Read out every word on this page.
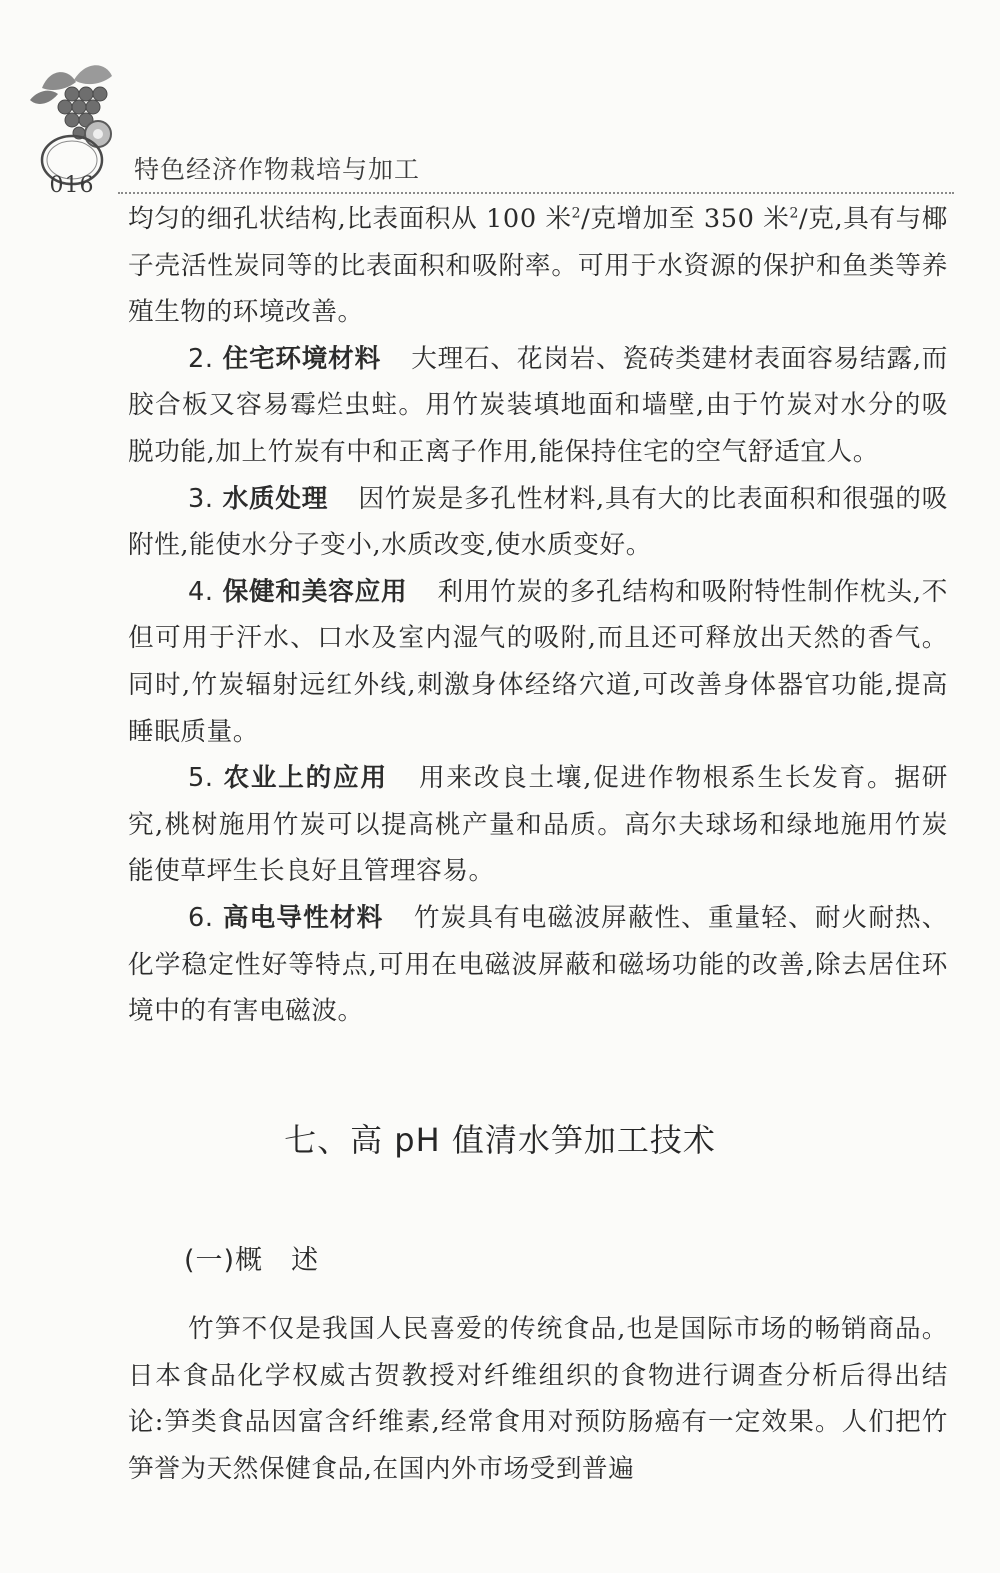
016
特色经济作物栽培与加工

均匀的细孔状结构,比表面积从 100 米$^2$/克增加至 350 米$^2$/克,具有与椰子壳活性炭同等的比表面积和吸附率。可用于水资源的保护和鱼类等养殖生物的环境改善。

2. 住宅环境材料 大理石、花岗岩、瓷砖类建材表面容易结露,而胶合板又容易霉烂虫蛀。用竹炭装填地面和墙壁,由于竹炭对水分的吸脱功能,加上竹炭有中和正离子作用,能保持住宅的空气舒适宜人。

3. 水质处理 因竹炭是多孔性材料,具有大的比表面积和很强的吸附性,能使水分子变小,水质改变,使水质变好。

4. 保健和美容应用 利用竹炭的多孔结构和吸附特性制作枕头,不但可用于汗水、口水及室内湿气的吸附,而且还可释放出天然的香气。同时,竹炭辐射远红外线,刺激身体经络穴道,可改善身体器官功能,提高睡眠质量。

5. 农业上的应用 用来改良土壤,促进作物根系生长发育。据研究,桃树施用竹炭可以提高桃产量和品质。高尔夫球场和绿地施用竹炭能使草坪生长良好且管理容易。

6. 高电导性材料 竹炭具有电磁波屏蔽性、重量轻、耐火耐热、化学稳定性好等特点,可用在电磁波屏蔽和磁场功能的改善,除去居住环境中的有害电磁波。

七、高 pH 值清水笋加工技术
(一)概 述

竹笋不仅是我国人民喜爱的传统食品,也是国际市场的畅销商品。日本食品化学权威古贺教授对纤维组织的食物进行调查分析后得出结论:笋类食品因富含纤维素,经常食用对预防肠癌有一定效果。人们把竹笋誉为天然保健食品,在国内外市场受到普遍
